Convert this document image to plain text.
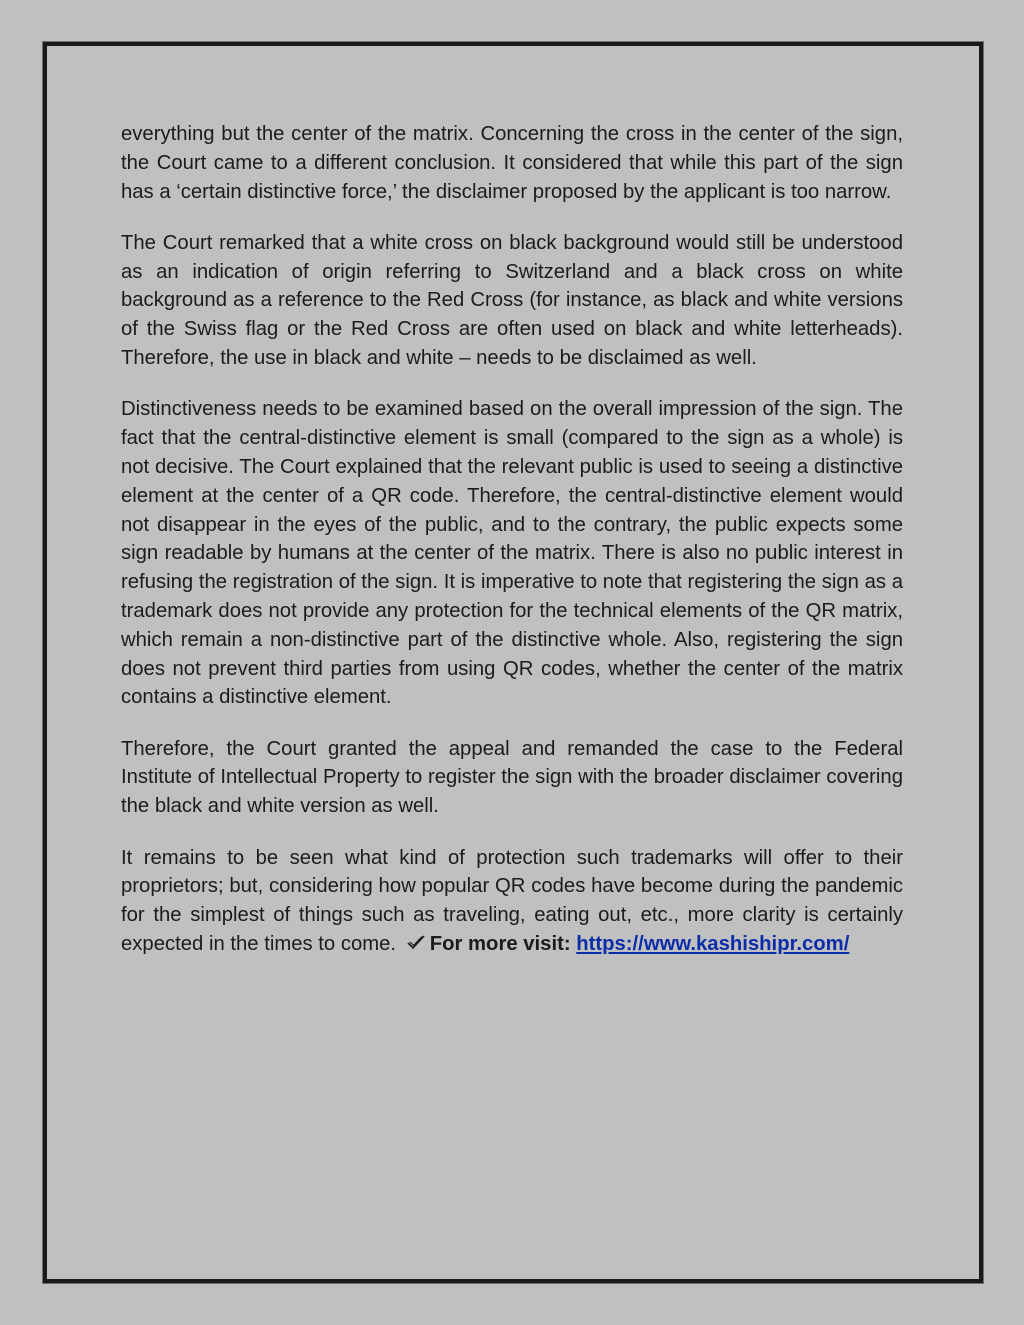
everything but the center of the matrix. Concerning the cross in the center of the sign, the Court came to a different conclusion. It considered that while this part of the sign has a ‘certain distinctive force,’ the disclaimer proposed by the applicant is too narrow.

The Court remarked that a white cross on black background would still be understood as an indication of origin referring to Switzerland and a black cross on white background as a reference to the Red Cross (for instance, as black and white versions of the Swiss flag or the Red Cross are often used on black and white letterheads). Therefore, the use in black and white – needs to be disclaimed as well.

Distinctiveness needs to be examined based on the overall impression of the sign. The fact that the central-distinctive element is small (compared to the sign as a whole) is not decisive. The Court explained that the relevant public is used to seeing a distinctive element at the center of a QR code. Therefore, the central-distinctive element would not disappear in the eyes of the public, and to the contrary, the public expects some sign readable by humans at the center of the matrix. There is also no public interest in refusing the registration of the sign. It is imperative to note that registering the sign as a trademark does not provide any protection for the technical elements of the QR matrix, which remain a non-distinctive part of the distinctive whole. Also, registering the sign does not prevent third parties from using QR codes, whether the center of the matrix contains a distinctive element.

Therefore, the Court granted the appeal and remanded the case to the Federal Institute of Intellectual Property to register the sign with the broader disclaimer covering the black and white version as well.

It remains to be seen what kind of protection such trademarks will offer to their proprietors; but, considering how popular QR codes have become during the pandemic for the simplest of things such as traveling, eating out, etc., more clarity is certainly expected in the times to come. For more visit: https://www.kashishipr.com/
